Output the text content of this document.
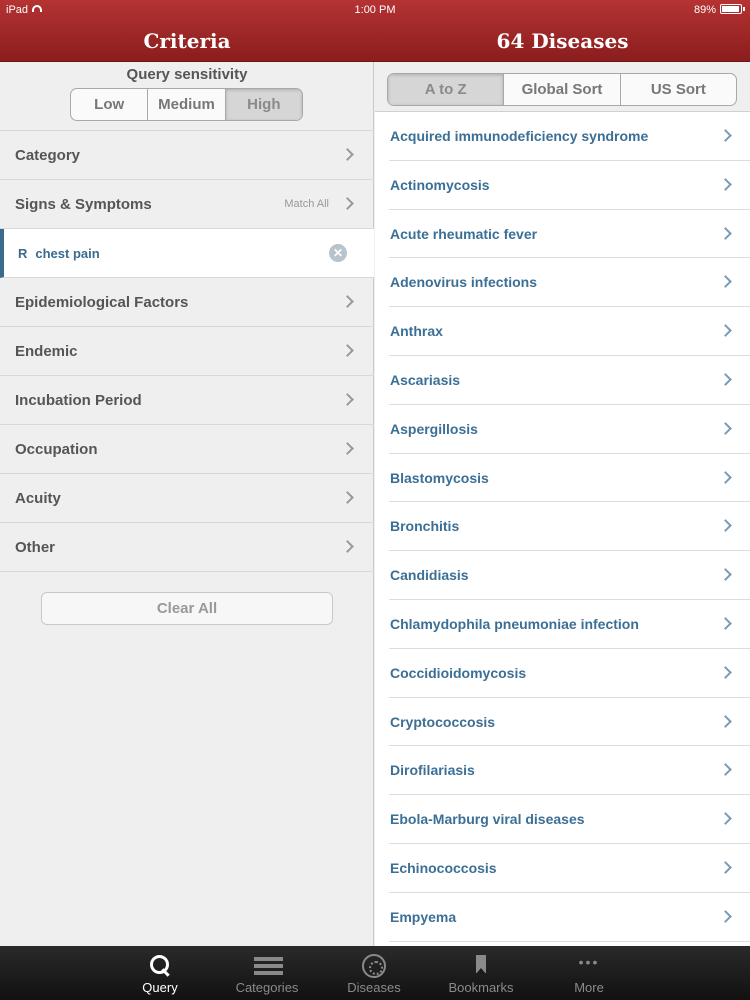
iPad	1:00 PM	89%
Criteria	64 Diseases
Query sensitivity
Low	Medium	High
Category
Signs & Symptoms	Match All
R chest pain	✕
Epidemiological Factors
Endemic
Incubation Period
Occupation
Acuity
Other
Clear All
A to Z	Global Sort	US Sort
Acquired immunodeficiency syndrome
Actinomycosis
Acute rheumatic fever
Adenovirus infections
Anthrax
Ascariasis
Aspergillosis
Blastomycosis
Bronchitis
Candidiasis
Chlamydophila pneumoniae infection
Coccidioidomycosis
Cryptococcosis
Dirofilariasis
Ebola-Marburg viral diseases
Echinococcosis
Empyema
Query	Categories	Diseases	Bookmarks
•••
More
